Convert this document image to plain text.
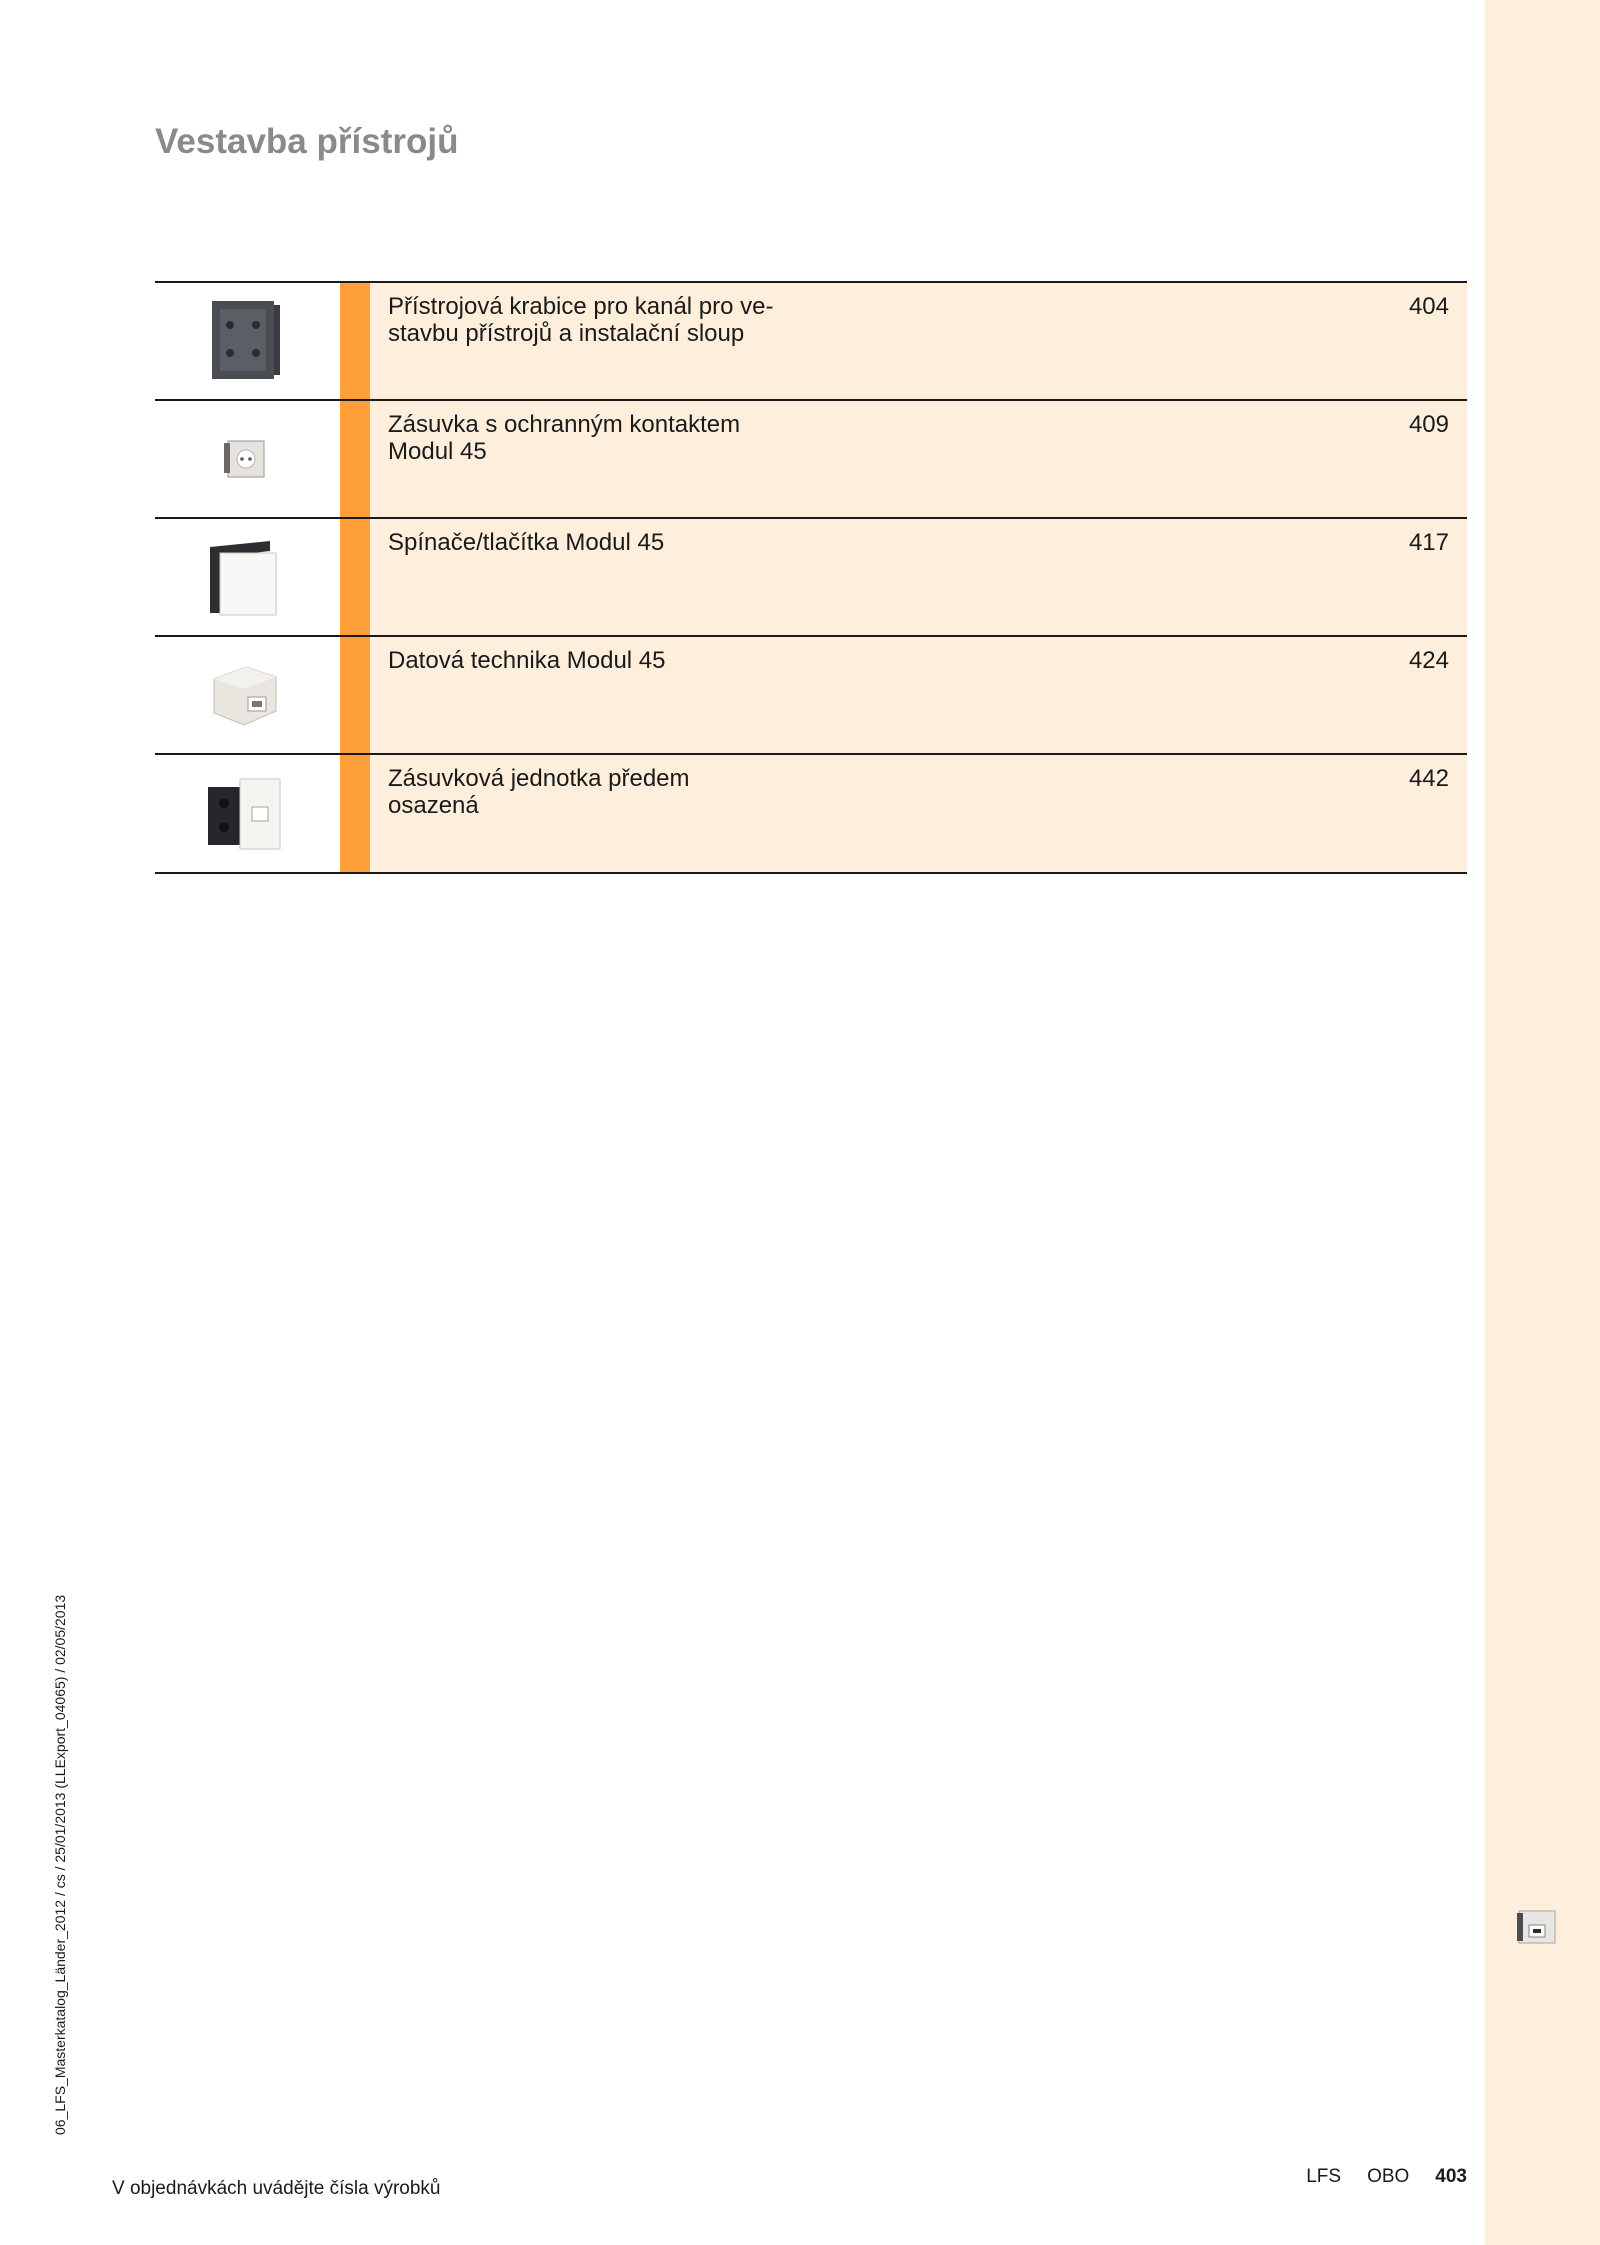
Vestavba přístrojů
Přístrojová krabice pro kanál pro ve-
stavbu přístrojů a instalační sloup
404
Zásuvka s ochranným kontaktem
Modul 45
409
Spínače/tlačítka Modul 45	417
Datová technika Modul 45	424
Zásuvková jednotka předem
osazená
442
06_LFS_Masterkatalog_Länder_2012 / cs / 25/01/2013 (LLExport_04065) / 02/05/2013
V objednávkách uvádějte čísla výrobků
LFS OBO 403
